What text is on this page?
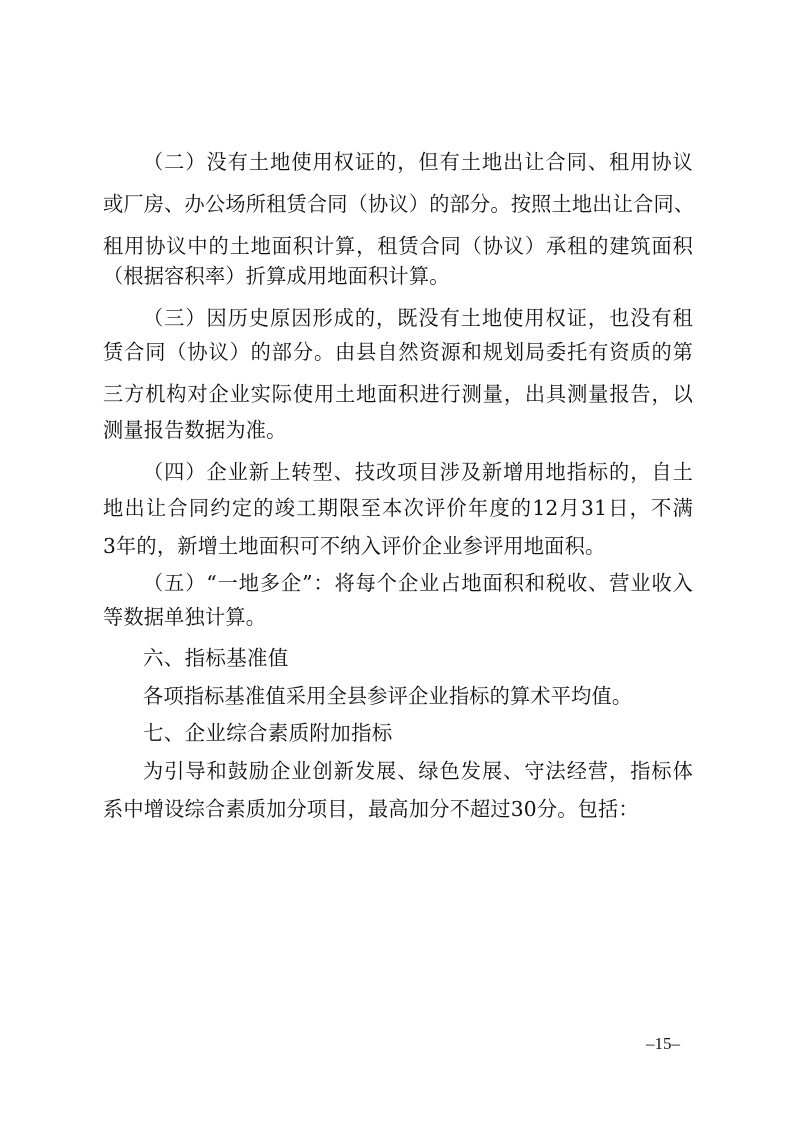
（二）没有土地使用权证的，但有土地出让合同、租用协议
或厂房、办公场所租赁合同（协议）的部分。按照土地出让合同、
租用协议中的土地面积计算，租赁合同（协议）承租的建筑面积
（根据容积率）折算成用地面积计算。
（三）因历史原因形成的，既没有土地使用权证，也没有租
赁合同（协议）的部分。由县自然资源和规划局委托有资质的第
三方机构对企业实际使用土地面积进行测量，出具测量报告，以
测量报告数据为准。
（四）企业新上转型、技改项目涉及新增用地指标的，自土
地出让合同约定的竣工期限至本次评价年度的12月31日，不满
3年的，新增土地面积可不纳入评价企业参评用地面积。
（五）“一地多企”：将每个企业占地面积和税收、营业收入
等数据单独计算。
六、指标基准值
各项指标基准值采用全县参评企业指标的算术平均值。
七、企业综合素质附加指标
为引导和鼓励企业创新发展、绿色发展、守法经营，指标体
系中增设综合素质加分项目，最高加分不超过30分。包括：
–15–
